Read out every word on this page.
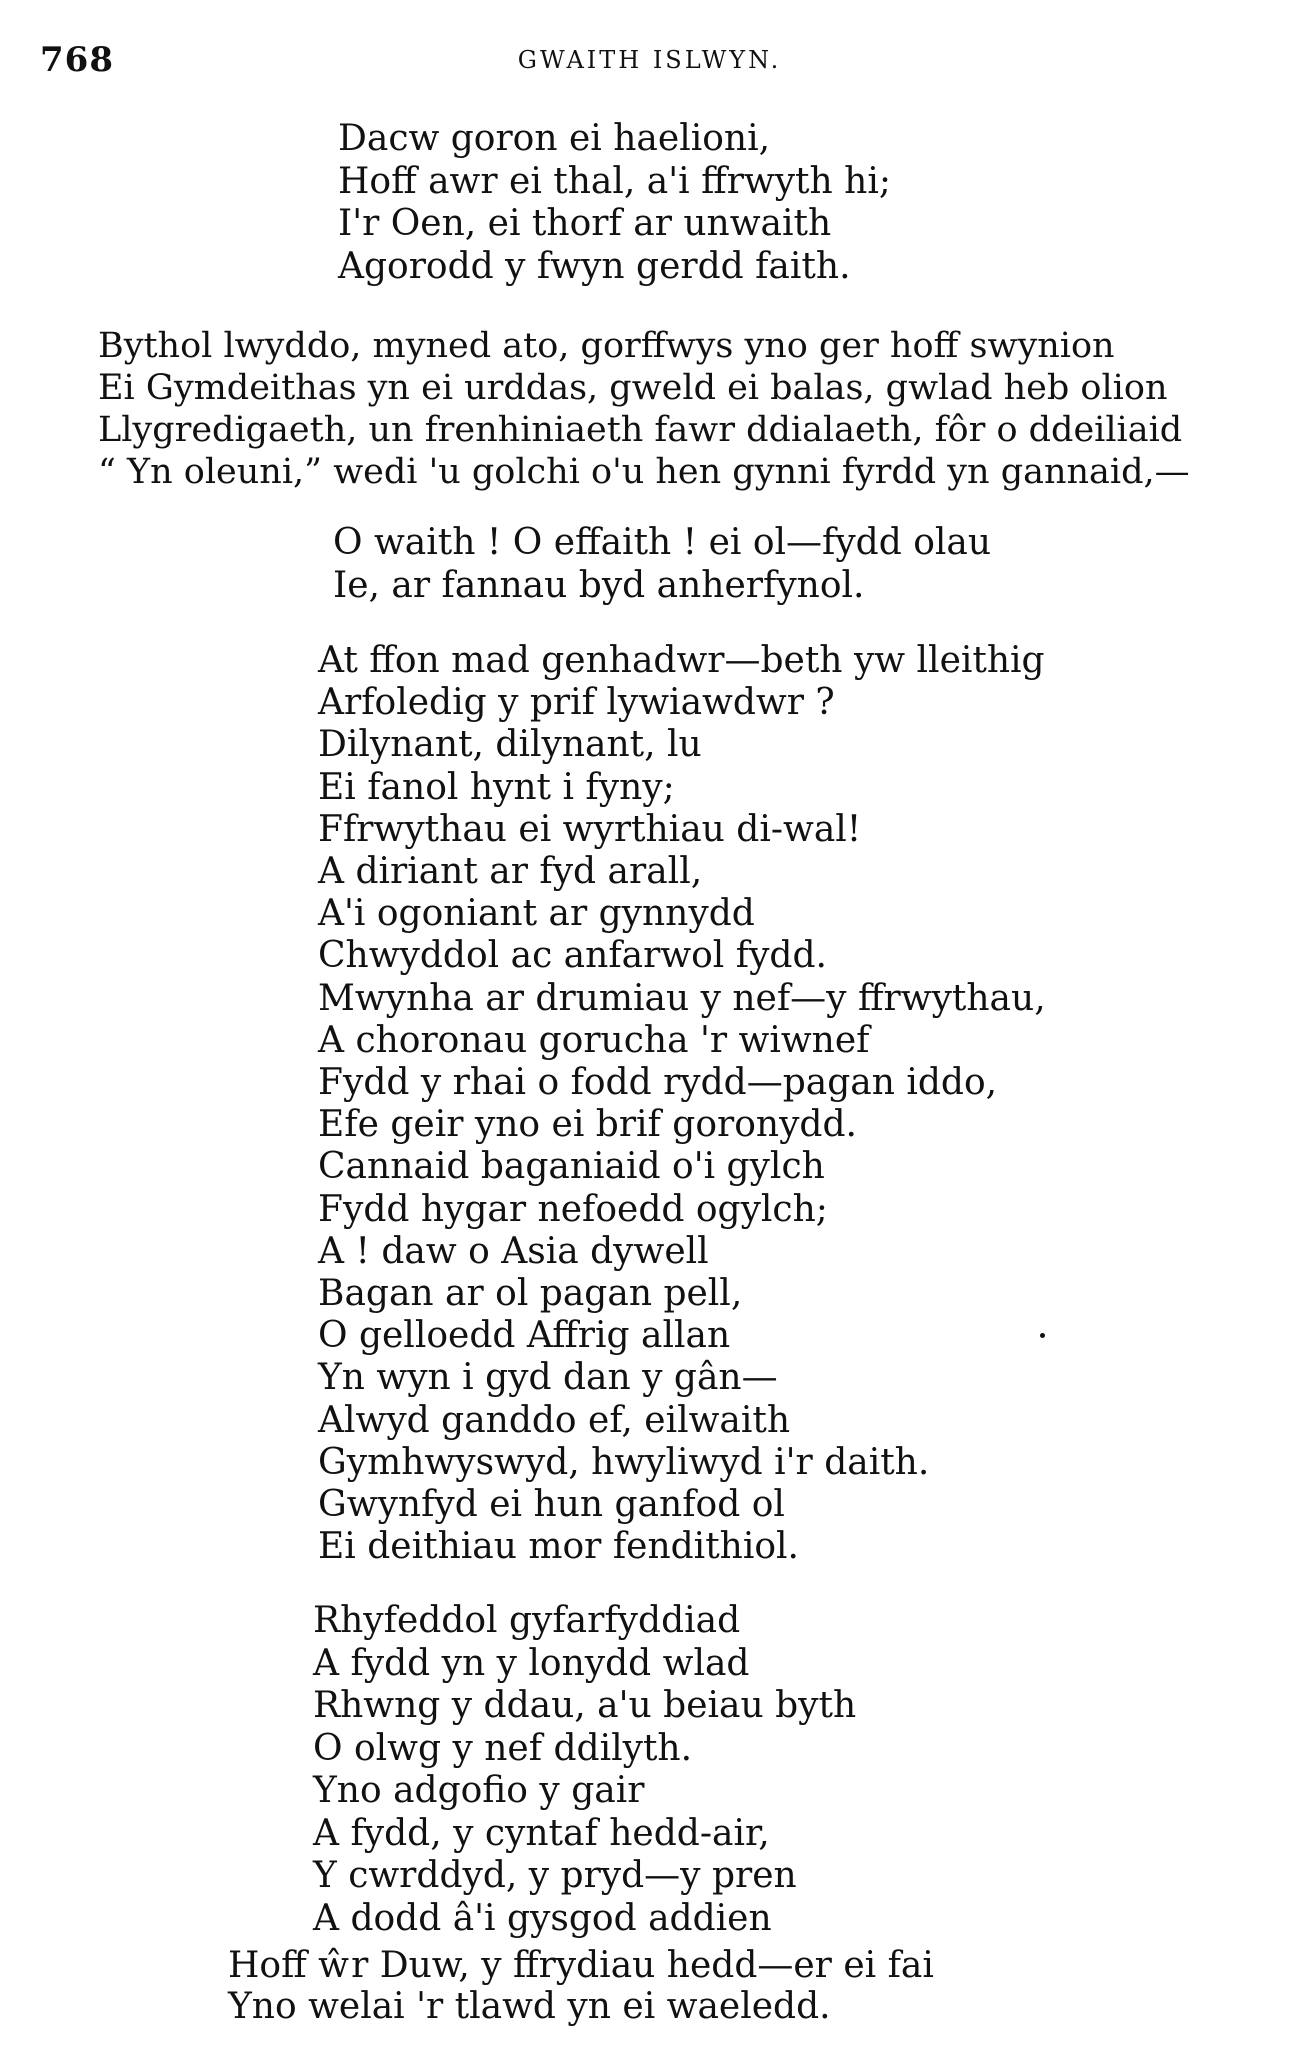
768	GWAITH ISLWYN.
Dacw goron ei haelioni,
Hoff awr ei thal, a'i ffrwyth hi;
I'r Oen, ei thorf ar unwaith
Agorodd y fwyn gerdd faith.
Bythol lwyddo, myned ato, gorffwys yno ger hoff swynion
Ei Gymdeithas yn ei urddas, gweld ei balas, gwlad heb olion
Llygredigaeth, un frenhiniaeth fawr ddialaeth, fôr o ddeiliaid
“ Yn oleuni,” wedi 'u golchi o'u hen gynni fyrdd yn gannaid,—
O waith ! O effaith ! ei ol—fydd olau
Ie, ar fannau byd anherfynol.
At ffon mad genhadwr—beth yw lleithig
Arfoledig y prif lywiawdwr ?
Dilynant, dilynant, lu
Ei fanol hynt i fyny;
Ffrwythau ei wyrthiau di-wal!
A diriant ar fyd arall,
A'i ogoniant ar gynnydd
Chwyddol ac anfarwol fydd.
Mwynha ar drumiau y nef—y ffrwythau,
A choronau gorucha 'r wiwnef
Fydd y rhai o fodd rydd—pagan iddo,
Efe geir yno ei brif goronydd.
Cannaid baganiaid o'i gylch
Fydd hygar nefoedd ogylch;
A ! daw o Asia dywell
Bagan ar ol pagan pell,
O gelloedd Affrig allan
Yn wyn i gyd dan y gân—
Alwyd ganddo ef, eilwaith
Gymhwyswyd, hwyliwyd i'r daith.
Gwynfyd ei hun ganfod ol
Ei deithiau mor fendithiol.
Rhyfeddol gyfarfyddiad
A fydd yn y lonydd wlad
Rhwng y ddau, a'u beiau byth
O olwg y nef ddilyth.
Yno adgofio y gair
A fydd, y cyntaf hedd-air,
Y cwrddyd, y pryd—y pren
A dodd â'i gysgod addien
Hoff ŵr Duw, y ffrydiau hedd—er ei fai
Yno welai 'r tlawd yn ei waeledd.
